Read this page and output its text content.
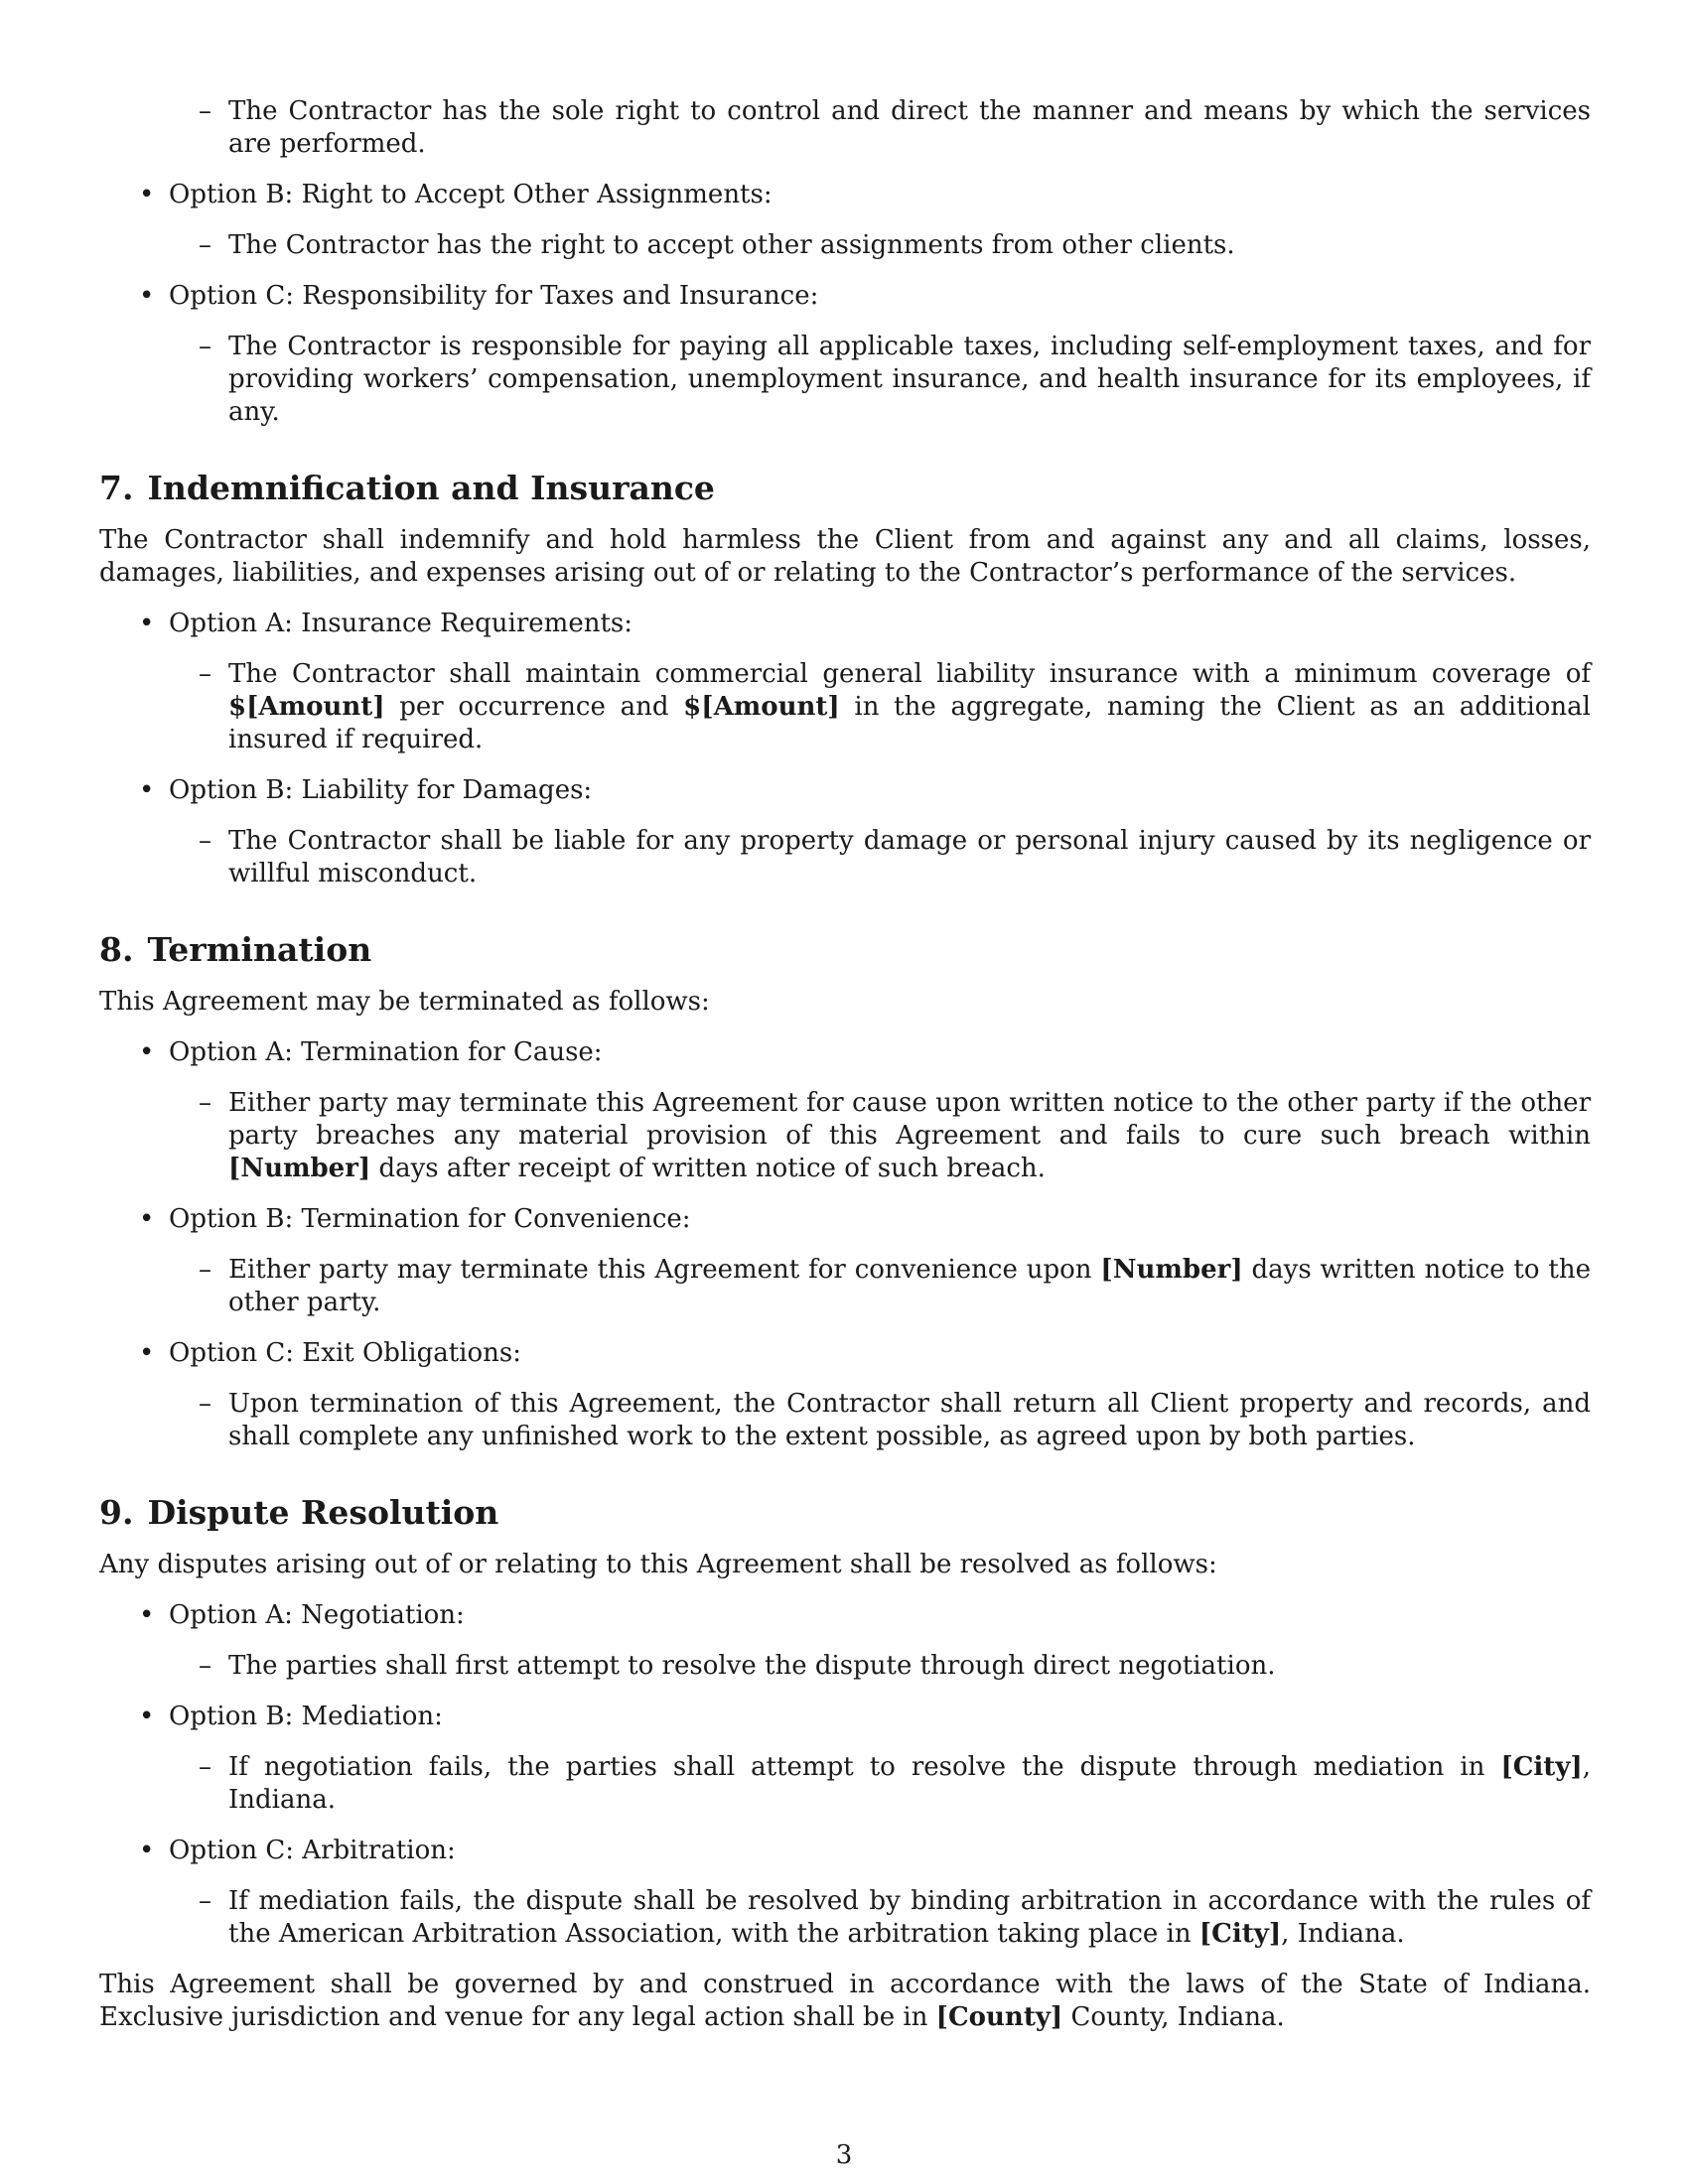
– The Contractor has the sole right to control and direct the manner and means by which the services are performed.
• Option B: Right to Accept Other Assignments:
– The Contractor has the right to accept other assignments from other clients.
• Option C: Responsibility for Taxes and Insurance:
– The Contractor is responsible for paying all applicable taxes, including self-employment taxes, and for providing workers’ compensation, unemployment insurance, and health insurance for its employees, if any.
7. Indemnification and Insurance

The Contractor shall indemnify and hold harmless the Client from and against any and all claims, losses, damages, liabilities, and expenses arising out of or relating to the Contractor’s performance of the services.

• Option A: Insurance Requirements:
– The Contractor shall maintain commercial general liability insurance with a minimum coverage of $[Amount] per occurrence and $[Amount] in the aggregate, naming the Client as an additional insured if required.
• Option B: Liability for Damages:
– The Contractor shall be liable for any property damage or personal injury caused by its negligence or willful misconduct.
8. Termination

This Agreement may be terminated as follows:

• Option A: Termination for Cause:
– Either party may terminate this Agreement for cause upon written notice to the other party if the other party breaches any material provision of this Agreement and fails to cure such breach within [Number] days after receipt of written notice of such breach.
• Option B: Termination for Convenience:
– Either party may terminate this Agreement for convenience upon [Number] days written notice to the other party.
• Option C: Exit Obligations:
– Upon termination of this Agreement, the Contractor shall return all Client property and records, and shall complete any unfinished work to the extent possible, as agreed upon by both parties.
9. Dispute Resolution

Any disputes arising out of or relating to this Agreement shall be resolved as follows:

• Option A: Negotiation:
– The parties shall first attempt to resolve the dispute through direct negotiation.
• Option B: Mediation:
– If negotiation fails, the parties shall attempt to resolve the dispute through mediation in [City], Indiana.
• Option C: Arbitration:
– If mediation fails, the dispute shall be resolved by binding arbitration in accordance with the rules of the American Arbitration Association, with the arbitration taking place in [City], Indiana.

This Agreement shall be governed by and construed in accordance with the laws of the State of Indiana. Exclusive jurisdiction and venue for any legal action shall be in [County] County, Indiana.

3
